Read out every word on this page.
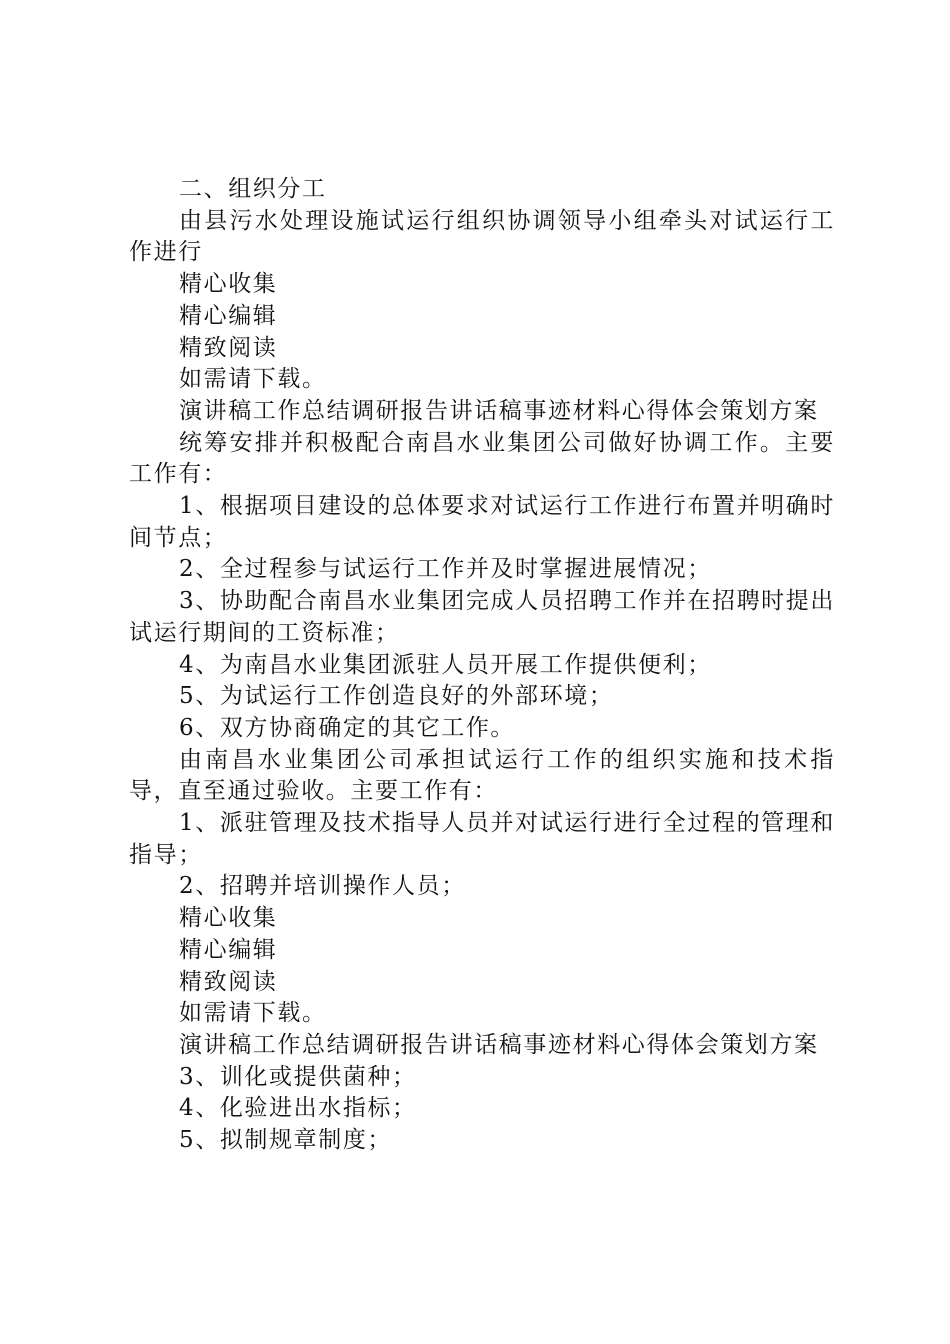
二、组织分工

由县污水处理设施试运行组织协调领导小组牵头对试运行工作进行

精心收集

精心编辑

精致阅读

如需请下载。

演讲稿工作总结调研报告讲话稿事迹材料心得体会策划方案

统筹安排并积极配合南昌水业集团公司做好协调工作。主要工作有：

1、根据项目建设的总体要求对试运行工作进行布置并明确时间节点；

2、全过程参与试运行工作并及时掌握进展情况；

3、协助配合南昌水业集团完成人员招聘工作并在招聘时提出试运行期间的工资标准；

4、为南昌水业集团派驻人员开展工作提供便利；

5、为试运行工作创造良好的外部环境；

6、双方协商确定的其它工作。

由南昌水业集团公司承担试运行工作的组织实施和技术指导，直至通过验收。主要工作有：

1、派驻管理及技术指导人员并对试运行进行全过程的管理和指导；

2、招聘并培训操作人员；

精心收集

精心编辑

精致阅读

如需请下载。

演讲稿工作总结调研报告讲话稿事迹材料心得体会策划方案

3、训化或提供菌种；

4、化验进出水指标；

5、拟制规章制度；
